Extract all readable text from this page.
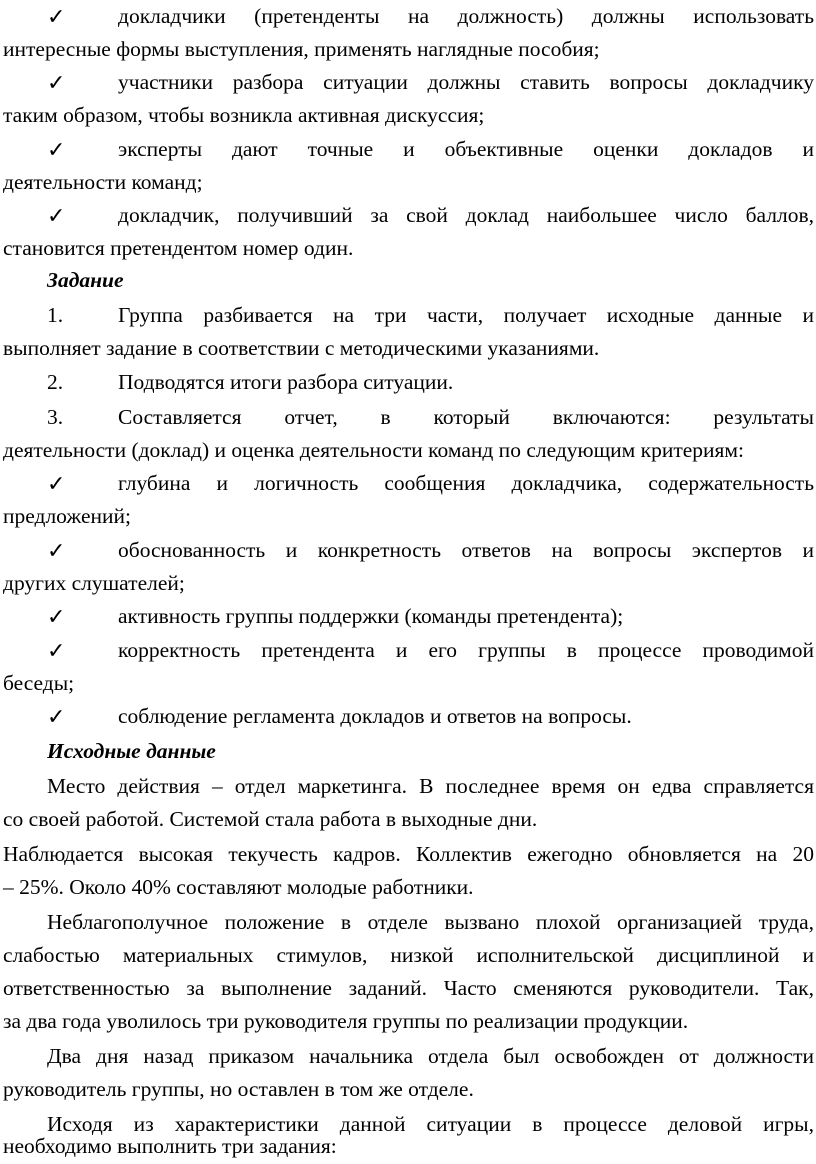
✓ докладчики (претенденты на должность) должны использовать
интересные формы выступления, применять наглядные пособия;
✓ участники разбора ситуации должны ставить вопросы докладчику
таким образом, чтобы возникла активная дискуссия;
✓ эксперты дают точные и объективные оценки докладов и
деятельности команд;
✓ докладчик, получивший за свой доклад наибольшее число баллов,
становится претендентом номер один.
Задание
1.	Группа разбивается на три части, получает исходные данные и
выполняет задание в соответствии с методическими указаниями.
2.	Подводятся итоги разбора ситуации.
3.	Составляется отчет, в который включаются: результаты
деятельности (доклад) и оценка деятельности команд по следующим критериям:
✓ глубина и логичность сообщения докладчика, содержательность
предложений;
✓ обоснованность и конкретность ответов на вопросы экспертов и
других слушателей;
✓ активность группы поддержки (команды претендента);
✓ корректность претендента и его группы в процессе проводимой
беседы;
✓ соблюдение регламента докладов и ответов на вопросы.
Исходные данные
Место действия – отдел маркетинга. В последнее время он едва справляется
со своей работой. Системой стала работа в выходные дни.
Наблюдается высокая текучесть кадров. Коллектив ежегодно обновляется на 20
– 25%. Около 40% составляют молодые работники.
Неблагополучное положение в отделе вызвано плохой организацией труда,
слабостью материальных стимулов, низкой исполнительской дисциплиной и
ответственностью за выполнение заданий. Часто сменяются руководители. Так,
за два года уволилось три руководителя группы по реализации продукции.
Два дня назад приказом начальника отдела был освобожден от должности
руководитель группы, но оставлен в том же отделе.
Исходя из характеристики данной ситуации в процессе деловой игры,
необходимо выполнить три задания:
